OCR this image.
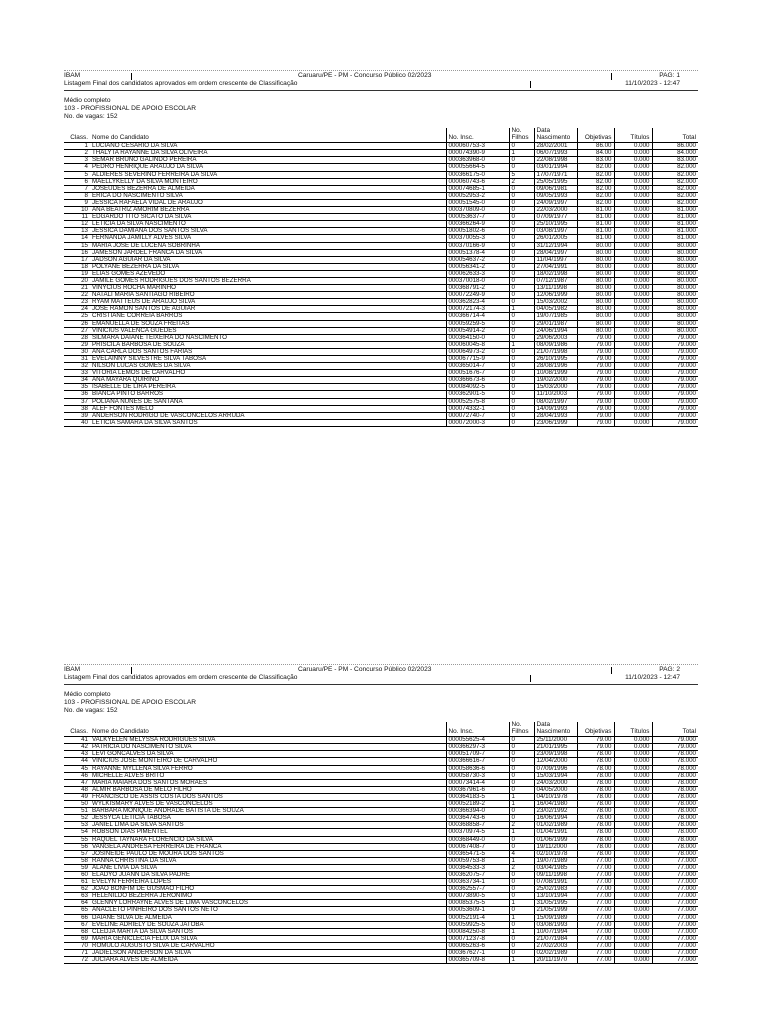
IBAM	Caruaru/PE - PM - Concurso Público 02/2023	PAG: 1
Listagem Final dos candidatos aprovados em ordem crescente de Classificação	11/10/2023 - 12:47
Médio completo
103 - PROFISSIONAL DE APOIO ESCOLAR
No. de vagas: 152
Class.	Nome do Candidato	No. Insc.	No. Filhos	Data Nascimento	Objetivas	Títulos	Total
1	LUCIANO CESARIO DA SILVA	000060753-3	0	28/02/2001	86.00	0.000	86.000
2	THALYTA RAYANNE DA SILVA OLIVEIRA	000074390-9	1	06/07/1993	84.00	0.000	84.000
3	SEMAR BRUNO GALINDO PEREIRA	000363968-0	0	22/08/1998	83.00	0.000	83.000
4	PEDRO HENRIQUE ARAUJO DA SILVA	000055664-5	0	03/01/1994	82.00	0.000	82.000
5	ALDIERES SEVERINO FERREIRA DA SILVA	000366175-0	5	17/07/1971	82.00	0.000	82.000
6	MAELLYKELLY DA SILVA MONTEIRO	000060743-6	2	25/05/1995	82.00	0.000	82.000
7	JOSEUDES BEZERRA DE ALMEIDA	000074685-1	0	09/06/1981	82.00	0.000	82.000
8	ERICA DO NASCIMENTO SILVA	000052953-2	0	09/05/1993	82.00	0.000	82.000
9	JESSICA RAFAELA VIDAL DE ARAUJO	000051545-0	0	24/09/1997	82.00	0.000	82.000
10	ANA BEATRIZ AMORIM BEZERRA	000370809-0	0	22/03/2000	81.00	0.000	81.000
11	EDGARDO TITO SICATO DA SILVA	000053637-7	0	07/09/1977	81.00	0.000	81.000
12	LETICIA DA SILVA NASCIMENTO	000366264-9	0	25/10/1995	81.00	0.000	81.000
13	JESSICA DAMIANA DOS SANTOS SILVA	000051802-6	0	03/08/1997	81.00	0.000	81.000
14	FERNANDA JAMILLY ALVES SILVA	000370055-3	0	26/01/2005	81.00	0.000	81.000
15	MARIA JOSE DE LUCENA SOBRINHA	000370166-9	0	31/12/1994	80.00	0.000	80.000
16	JAMESON JARDEL FRANCA DA SILVA	000051378-4	0	28/04/1997	80.00	0.000	80.000
17	JADSON AGUIAR DA SILVA	000054637-2	0	11/04/1997	80.00	0.000	80.000
18	POLYANE BEZERRA DA SILVA	000056341-2	0	27/04/1991	80.00	0.000	80.000
19	ELIAS GOMES AZEVEDO	000062633-3	0	18/02/1998	80.00	0.000	80.000
20	JAMILE GOMES RODRIGUES DOS SANTOS BEZERRA	000370018-0	0	07/12/1987	80.00	0.000	80.000
21	VINYCIUS ROCHA MARINHO	000368791-2	0	13/11/1998	80.00	0.000	80.000
22	NATALI MARIA SANTIAGO RIBEIRO	000072249-9	0	12/06/1999	80.00	0.000	80.000
23	RYAM MATTEUS DE ARAUJO SILVA	000362823-4	0	15/03/2002	80.00	0.000	80.000
24	JOSE RAMON SANTOS DE AGUIAR	000072174-3	1	04/05/1982	80.00	0.000	80.000
25	CRISTIANE CORREIA BARROS	000366714-4	0	19/07/1985	80.00	0.000	80.000
26	EMANUELLA DE SOUZA FREITAS	000059259-5	0	29/01/1987	80.00	0.000	80.000
27	VINICIUS VALENCA GUEDES	000054914-2	0	24/06/1994	80.00	0.000	80.000
28	SILMARA DAIANE TEIXEIRA DO NASCIMENTO	000364150-0	0	29/06/2003	79.00	0.000	79.000
29	PRISCILA BARBOSA DE SOUZA	000060045-8	1	08/09/1986	79.00	0.000	79.000
30	ANA CARLA DOS SANTOS FARIAS	000064973-2	0	21/07/1998	79.00	0.000	79.000
31	EVELAINNY SILVESTRE SILVA TABOSA	000067715-9	0	26/10/1995	79.00	0.000	79.000
32	NILSON LUCAS GOMES DA SILVA	000365014-7	0	28/08/1996	79.00	0.000	79.000
33	VITORIA LEMOS DE CARVALHO	000051676-7	0	10/08/1999	79.00	0.000	79.000
34	ANA MAYARA QUIRINO	000366673-6	0	19/02/2000	79.00	0.000	79.000
35	ISABELLE DE LIRA PEREIRA	000084092-5	0	15/03/2000	79.00	0.000	79.000
36	BIANCA PINTO BARROS	000362901-5	0	11/10/2003	79.00	0.000	79.000
37	POLIANA NUNES DE SANTANA	000052575-8	0	08/02/1997	79.00	0.000	79.000
38	ALEF FONTES MELO	000074332-1	0	14/09/1993	79.00	0.000	79.000
39	ANDERSON RODRIGO DE VASCONCELOS ARRUDA	000072740-7	0	28/04/1993	79.00	0.000	79.000
40	LETICIA SAMARA DA SILVA SANTOS	000072000-3	0	23/06/1999	79.00	0.000	79.000
IBAM	Caruaru/PE - PM - Concurso Público 02/2023	PAG: 2
Listagem Final dos candidatos aprovados em ordem crescente de Classificação	11/10/2023 - 12:47
Médio completo
103 - PROFISSIONAL DE APOIO ESCOLAR
No. de vagas: 152
Class.	Nome do Candidato	No. Insc.	No. Filhos	Data Nascimento	Objetivas	Títulos	Total
41	VALKYELEN MELYSSA RODRIGUES SILVA	000055625-4	0	25/11/2000	79.00	0.000	79.000
42	PATRICIA DO NASCIMENTO SILVA	000366297-3	0	21/01/1995	79.00	0.000	79.000
43	LEVI GONCALVES DA SILVA	000051709-7	0	23/09/1998	78.00	0.000	78.000
44	VINICIUS JOSE MONTEIRO DE CARVALHO	000366616-7	0	12/04/2000	78.00	0.000	78.000
45	RAYANNE MYLLENA SILVA FERRO	000058636-6	0	07/09/1996	78.00	0.000	78.000
46	MICHELLE ALVES BRITO	000058730-3	0	15/03/1994	78.00	0.000	78.000
47	MARIA MAIARA DOS SANTOS MORAES	000073414-4	0	24/03/2000	78.00	0.000	78.000
48	ALMIR BARBOSA DE MELO FILHO	000367961-6	0	04/05/2000	78.00	0.000	78.000
49	FRANCISCO DE ASSIS COSTA DOS SANTOS	000364183-5	1	04/10/1978	78.00	0.000	78.000
50	WYLKISMARY ALVES DE VASCONCELOS	000052189-2	1	16/04/1980	78.00	0.000	78.000
51	BARBARA MONIQUE ANDRADE BATISTA DE SOUZA	000366394-0	0	23/02/1992	78.00	0.000	78.000
52	JESSYCA LETICIA TABOSA	000364743-6	0	16/06/1994	78.00	0.000	78.000
53	JANIEL LIMA DA SILVA SANTOS	000368858-7	2	01/02/1989	78.00	0.000	78.000
54	ROBSON DIAS PIMENTEL	000370974-5	1	01/04/1991	78.00	0.000	78.000
55	RAQUEL TAYNARA FLORENCIO DA SILVA	000368449-0	0	01/06/1999	78.00	0.000	78.000
56	VANGELA ANDRESA FERREIRA DE FRANCA	000067408-7	0	19/11/2000	78.00	0.000	78.000
57	JOSINEIDE PAULO DE MOURA DOS SANTOS	000365471-5	4	02/10/1978	78.00	0.000	78.000
58	RANNA CHRISTINA DA SILVA	000059753-8	1	19/07/1989	77.00	0.000	77.000
59	ALANE LIVIA DA SILVA	000364533-3	2	03/04/1985	77.00	0.000	77.000
60	ELADYO JUANN DA SILVA PADRE	000362075-7	0	09/11/1998	77.00	0.000	77.000
61	EVELYN FERREIRA LOPES	000363734-1	0	07/08/1991	77.00	0.000	77.000
62	JOAO BONFIM DE GUSMAO FILHO	000362557-7	0	25/02/1983	77.00	0.000	77.000
63	HELENILDO BEZERRA JERONIMO	000073890-5	0	13/10/1994	77.00	0.000	77.000
64	GLENNY LORRAYNE ALVES DE LIMA VASCONCELOS	000085375-5	1	31/05/1995	77.00	0.000	77.000
65	ANACLETO PINHEIRO DOS SANTOS NETO	000053609-1	0	21/05/1999	77.00	0.000	77.000
66	DAIANE SILVA DE ALMEIDA	000052191-4	1	15/09/1989	77.00	0.000	77.000
67	EVELINE ADRIELY DE SOUZA JATOBA	000059925-5	0	03/08/1993	77.00	0.000	77.000
68	CLEDJA MARTA DA SILVA SANTOS	000084250-8	1	10/07/1994	77.00	0.000	77.000
69	MARIA GENICLECIA FELIX DA SILVA	000071237-8	0	21/07/1984	77.00	0.000	77.000
70	ROMULO AUGUSTO SILVA DE CARVALHO	000065263-6	0	27/02/2003	77.00	0.000	77.000
71	JADIELSON ANDERSON DA SILVA	000367627-1	0	02/02/1989	77.00	0.000	77.000
72	JUCIARA ALVES DE ALMEIDA	000365709-8	1	20/11/1970	77.00	0.000	77.000
